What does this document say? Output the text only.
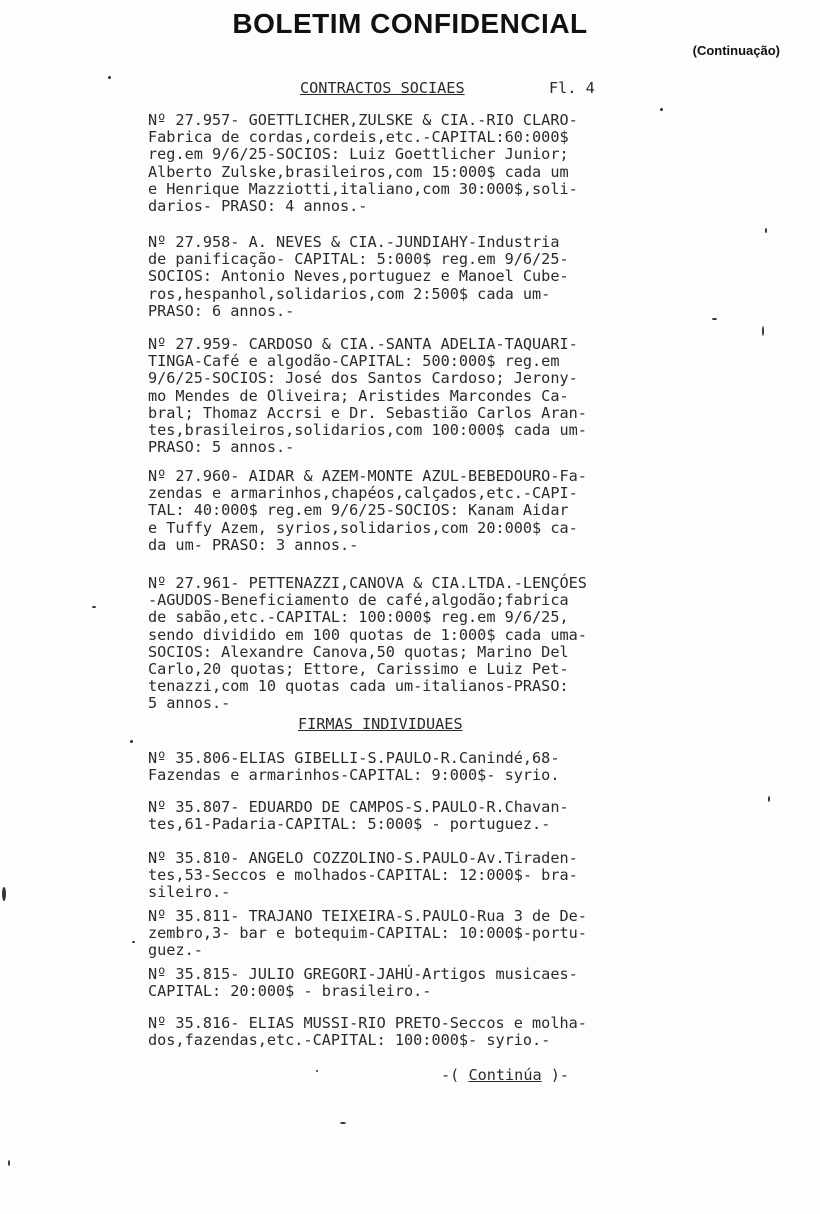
BOLETIM CONFIDENCIAL
(Continuação)
CONTRACTOS SOCIAES	Fl. 4
Nº 27.957- GOETTLICHER,ZULSKE & CIA.-RIO CLARO-
Fabrica de cordas,cordeis,etc.-CAPITAL:60:000$
reg.em 9/6/25-SOCIOS: Luiz Goettlicher Junior;
Alberto Zulske,brasileiros,com 15:000$ cada um
e Henrique Mazziotti,italiano,com 30:000$,soli-
darios- PRASO: 4 annos.-
Nº 27.958- A. NEVES & CIA.-JUNDIAHY-Industria
de panificação- CAPITAL: 5:000$ reg.em 9/6/25-
SOCIOS: Antonio Neves,portuguez e Manoel Cube-
ros,hespanhol,solidarios,com 2:500$ cada um-
PRASO: 6 annos.-
Nº 27.959- CARDOSO & CIA.-SANTA ADELIA-TAQUARI-
TINGA-Café e algodão-CAPITAL: 500:000$ reg.em
9/6/25-SOCIOS: José dos Santos Cardoso; Jerony-
mo Mendes de Oliveira; Aristides Marcondes Ca-
bral; Thomaz Accrsi e Dr. Sebastião Carlos Aran-
tes,brasileiros,solidarios,com 100:000$ cada um-
PRASO: 5 annos.-
Nº 27.960- AIDAR & AZEM-MONTE AZUL-BEBEDOURO-Fa-
zendas e armarinhos,chapéos,calçados,etc.-CAPI-
TAL: 40:000$ reg.em 9/6/25-SOCIOS: Kanam Aidar
e Tuffy Azem, syrios,solidarios,com 20:000$ ca-
da um- PRASO: 3 annos.-
Nº 27.961- PETTENAZZI,CANOVA & CIA.LTDA.-LENÇÓES
-AGUDOS-Beneficiamento de café,algodão;fabrica
de sabão,etc.-CAPITAL: 100:000$ reg.em 9/6/25,
sendo dividido em 100 quotas de 1:000$ cada uma-
SOCIOS: Alexandre Canova,50 quotas; Marino Del
Carlo,20 quotas; Ettore, Carissimo e Luiz Pet-
tenazzi,com 10 quotas cada um-italianos-PRASO:
5 annos.-
FIRMAS INDIVIDUAES
Nº 35.806-ELIAS GIBELLI-S.PAULO-R.Canindé,68-
Fazendas e armarinhos-CAPITAL: 9:000$- syrio.
Nº 35.807- EDUARDO DE CAMPOS-S.PAULO-R.Chavan-
tes,61-Padaria-CAPITAL: 5:000$ - portuguez.-
Nº 35.810- ANGELO COZZOLINO-S.PAULO-Av.Tiraden-
tes,53-Seccos e molhados-CAPITAL: 12:000$- bra-
sileiro.-
Nº 35.811- TRAJANO TEIXEIRA-S.PAULO-Rua 3 de De-
zembro,3- bar e botequim-CAPITAL: 10:000$-portu-
guez.-
Nº 35.815- JULIO GREGORI-JAHÚ-Artigos musicaes-
CAPITAL: 20:000$ - brasileiro.-
Nº 35.816- ELIAS MUSSI-RIO PRETO-Seccos e molha-
dos,fazendas,etc.-CAPITAL: 100:000$- syrio.-
-( Continúa )-
